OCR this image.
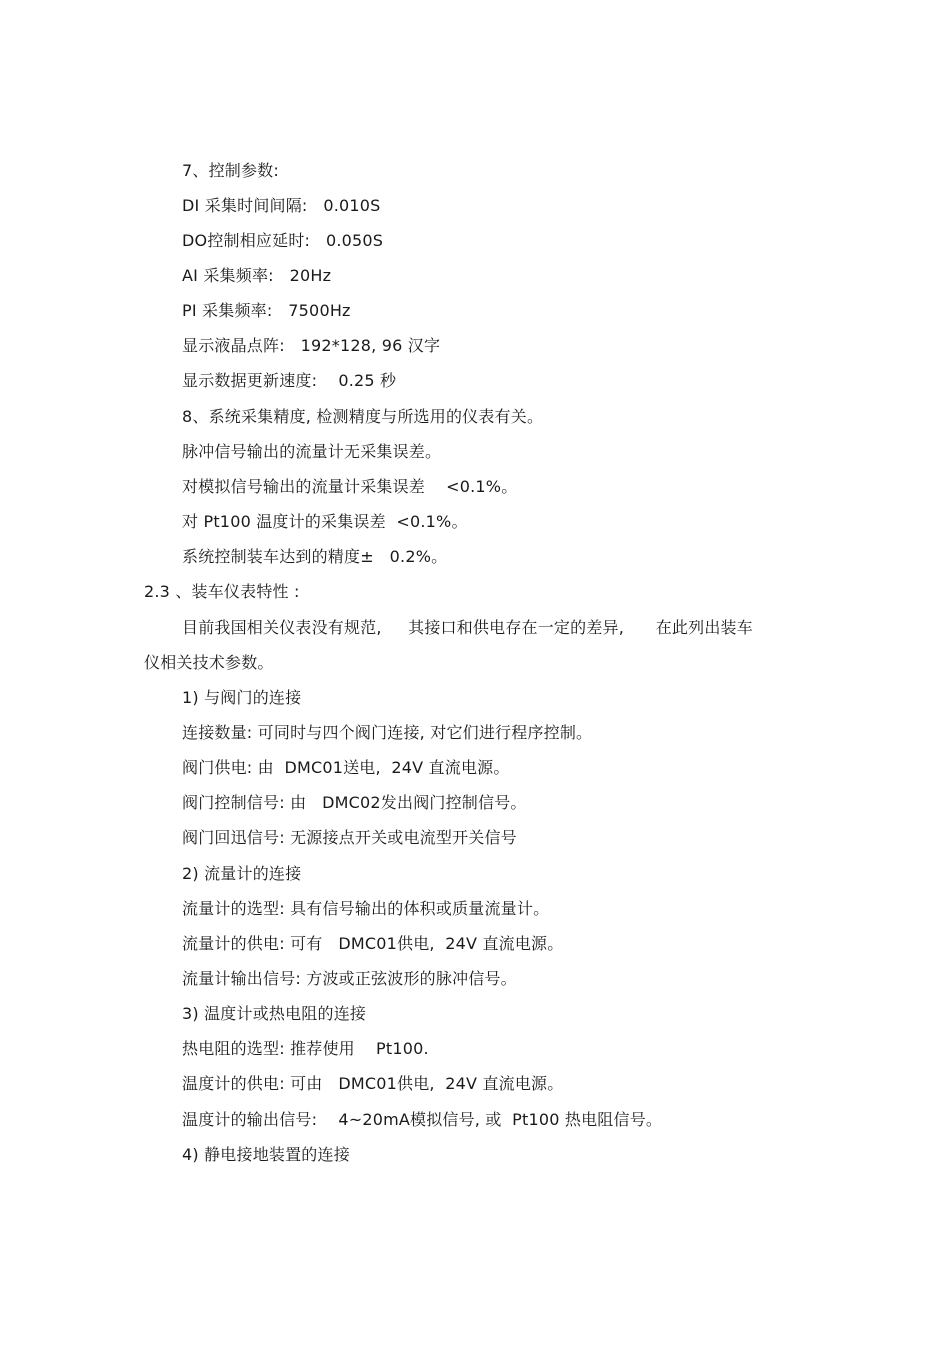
7、控制参数:
DI 采集时间间隔:   0.010S
DO控制相应延时:   0.050S
AI 采集频率:   20Hz
PI 采集频率:   7500Hz
显示液晶点阵:   192*128, 96 汉字
显示数据更新速度:    0.25 秒
8、系统采集精度, 检测精度与所选用的仪表有关。
脉冲信号输出的流量计无采集误差。
对模拟信号输出的流量计采集误差    <0.1%。
对 Pt100 温度计的采集误差  <0.1%。
系统控制装车达到的精度±   0.2%。
2.3 、装车仪表特性 :
目前我国相关仪表没有规范,     其接口和供电存在一定的差异,      在此列出装车
仪相关技术参数。
1) 与阀门的连接
连接数量: 可同时与四个阀门连接, 对它们进行程序控制。
阀门供电: 由  DMC01送电,  24V 直流电源。
阀门控制信号: 由   DMC02发出阀门控制信号。
阀门回迅信号: 无源接点开关或电流型开关信号
2) 流量计的连接
流量计的选型: 具有信号输出的体积或质量流量计。
流量计的供电: 可有   DMC01供电,  24V 直流电源。
流量计输出信号: 方波或正弦波形的脉冲信号。
3) 温度计或热电阻的连接
热电阻的选型: 推荐使用    Pt100.
温度计的供电: 可由   DMC01供电,  24V 直流电源。
温度计的输出信号:    4~20mA模拟信号, 或  Pt100 热电阻信号。
4) 静电接地装置的连接
